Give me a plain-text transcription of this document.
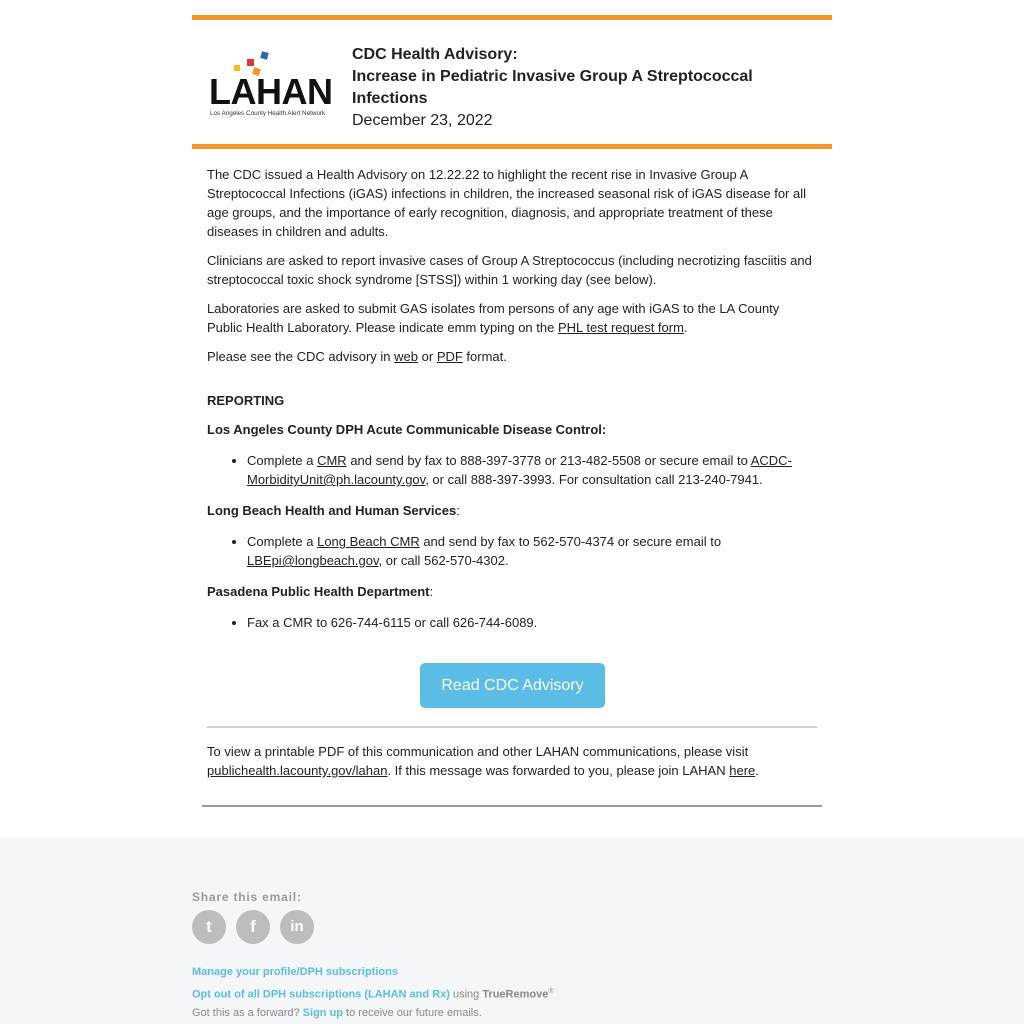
LAHAN
Los Angeles County Health Alert Network
CDC Health Advisory:
Increase in Pediatric Invasive Group A Streptococcal Infections
December 23, 2022

The CDC issued a Health Advisory on 12.22.22 to highlight the recent rise in Invasive Group A Streptococcal Infections (iGAS) infections in children, the increased seasonal risk of iGAS disease for all age groups, and the importance of early recognition, diagnosis, and appropriate treatment of these diseases in children and adults.

Clinicians are asked to report invasive cases of Group A Streptococcus (including necrotizing fasciitis and streptococcal toxic shock syndrome [STSS]) within 1 working day (see below).

Laboratories are asked to submit GAS isolates from persons of any age with iGAS to the LA County Public Health Laboratory. Please indicate emm typing on the PHL test request form.

Please see the CDC advisory in web or PDF format.

REPORTING

Los Angeles County DPH Acute Communicable Disease Control:

• Complete a CMR and send by fax to 888-397-3778 or 213-482-5508 or secure email to ACDC-MorbidityUnit@ph.lacounty.gov, or call 888-397-3993. For consultation call 213-240-7941.

Long Beach Health and Human Services:

• Complete a Long Beach CMR and send by fax to 562-570-4374 or secure email to LBEpi@longbeach.gov, or call 562-570-4302.

Pasadena Public Health Department:

• Fax a CMR to 626-744-6115 or call 626-744-6089.
Read CDC Advisory

To view a printable PDF of this communication and other LAHAN communications, please visit publichealth.lacounty.gov/lahan. If this message was forwarded to you, please join LAHAN here.

Share this email:
t	f	in
Manage your profile/DPH subscriptions
Opt out of all DPH subscriptions (LAHAN and Rx) using TrueRemove®
Got this as a forward? Sign up to receive our future emails.
